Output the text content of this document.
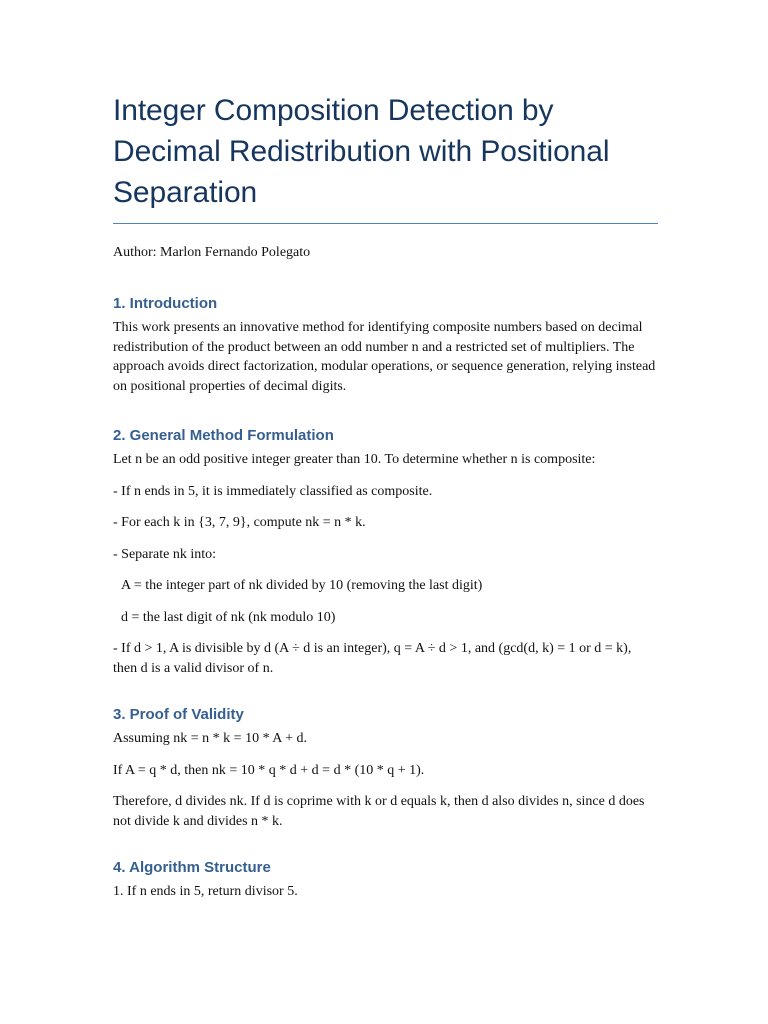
Integer Composition Detection by Decimal Redistribution with Positional Separation
Author: Marlon Fernando Polegato
1. Introduction

This work presents an innovative method for identifying composite numbers based on decimal redistribution of the product between an odd number n and a restricted set of multipliers. The approach avoids direct factorization, modular operations, or sequence generation, relying instead on positional properties of decimal digits.

2. General Method Formulation

Let n be an odd positive integer greater than 10. To determine whether n is composite:

- If n ends in 5, it is immediately classified as composite.

- For each k in {3, 7, 9}, compute nk = n * k.

- Separate nk into:

A = the integer part of nk divided by 10 (removing the last digit)

d = the last digit of nk (nk modulo 10)

- If d > 1, A is divisible by d (A ÷ d is an integer), q = A ÷ d > 1, and (gcd(d, k) = 1 or d = k), then d is a valid divisor of n.

3. Proof of Validity

Assuming nk = n * k = 10 * A + d.

If A = q * d, then nk = 10 * q * d + d = d * (10 * q + 1).

Therefore, d divides nk. If d is coprime with k or d equals k, then d also divides n, since d does not divide k and divides n * k.

4. Algorithm Structure

1. If n ends in 5, return divisor 5.
